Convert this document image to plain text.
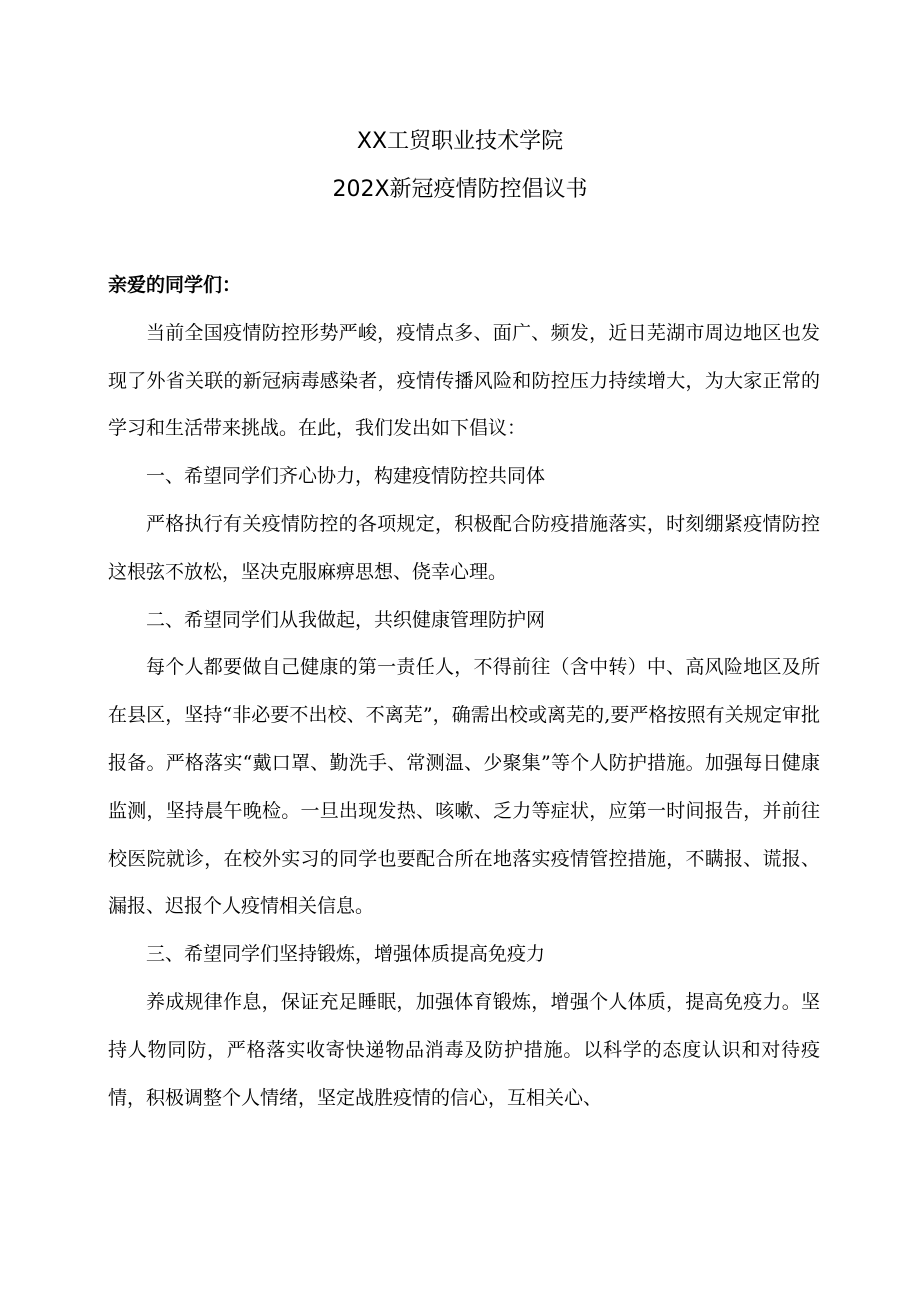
XX工贸职业技术学院
202X新冠疫情防控倡议书

亲爱的同学们：

当前全国疫情防控形势严峻，疫情点多、面广、频发，近日芜湖市周边地区也发现了外省关联的新冠病毒感染者，疫情传播风险和防控压力持续增大，为大家正常的学习和生活带来挑战。在此，我们发出如下倡议：

一、希望同学们齐心协力，构建疫情防控共同体

严格执行有关疫情防控的各项规定，积极配合防疫措施落实，时刻绷紧疫情防控这根弦不放松，坚决克服麻痹思想、侥幸心理。

二、希望同学们从我做起，共织健康管理防护网

每个人都要做自己健康的第一责任人，不得前往（含中转）中、高风险地区及所在县区，坚持“非必要不出校、不离芜”，确需出校或离芜的,要严格按照有关规定审批报备。严格落实“戴口罩、勤洗手、常测温、少聚集”等个人防护措施。加强每日健康监测，坚持晨午晚检。一旦出现发热、咳嗽、乏力等症状，应第一时间报告，并前往校医院就诊，在校外实习的同学也要配合所在地落实疫情管控措施，不瞒报、谎报、漏报、迟报个人疫情相关信息。

三、希望同学们坚持锻炼，增强体质提高免疫力

养成规律作息，保证充足睡眠，加强体育锻炼，增强个人体质，提高免疫力。坚持人物同防，严格落实收寄快递物品消毒及防护措施。以科学的态度认识和对待疫情，积极调整个人情绪，坚定战胜疫情的信心，互相关心、
